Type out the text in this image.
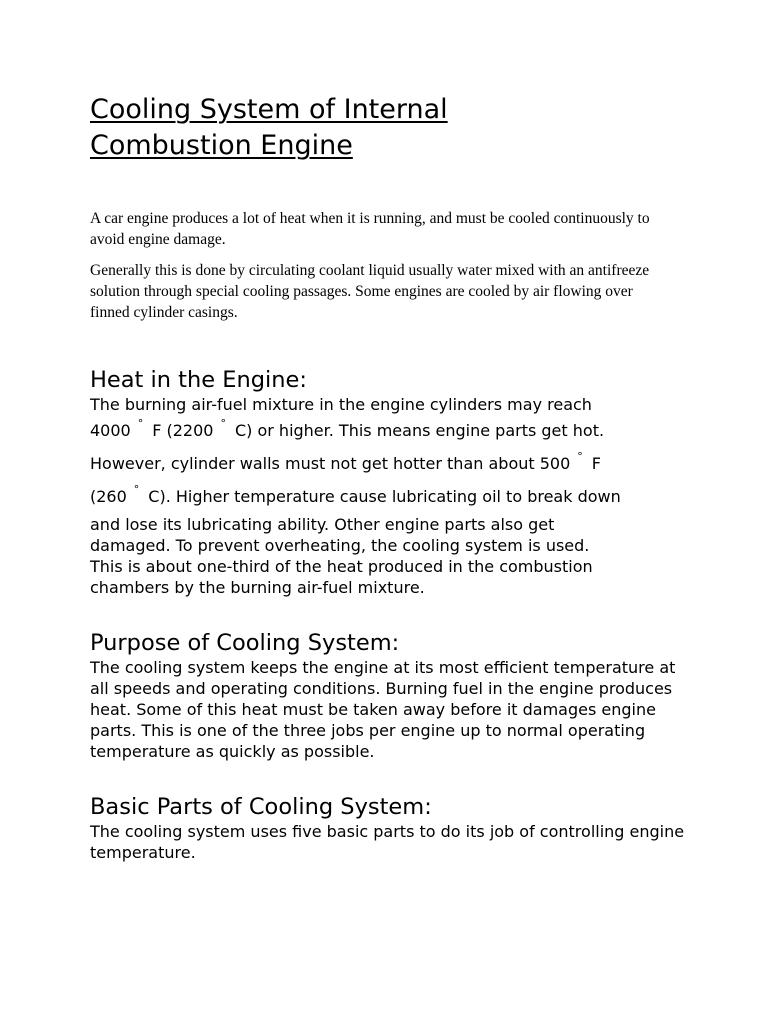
Cooling System of Internal
Combustion Engine

A car engine produces a lot of heat when it is running, and must be cooled continuously to avoid engine damage.

Generally this is done by circulating coolant liquid usually water mixed with an antifreeze solution through special cooling passages. Some engines are cooled by air flowing over finned cylinder casings.

Heat in the Engine:
The burning air-fuel mixture in the engine cylinders may reach
4000 ° F (2200 ° C) or higher. This means engine parts get hot.
However, cylinder walls must not get hotter than about 500 ° F
(260 ° C). Higher temperature cause lubricating oil to break down
and lose its lubricating ability. Other engine parts also get
damaged. To prevent overheating, the cooling system is used.
This is about one-third of the heat produced in the combustion
chambers by the burning air-fuel mixture.
Purpose of Cooling System:

The cooling system keeps the engine at its most efficient temperature at all speeds and operating conditions. Burning fuel in the engine produces heat. Some of this heat must be taken away before it damages engine parts. This is one of the three jobs per engine up to normal operating temperature as quickly as possible.

Basic Parts of Cooling System:

The cooling system uses five basic parts to do its job of controlling engine temperature.
